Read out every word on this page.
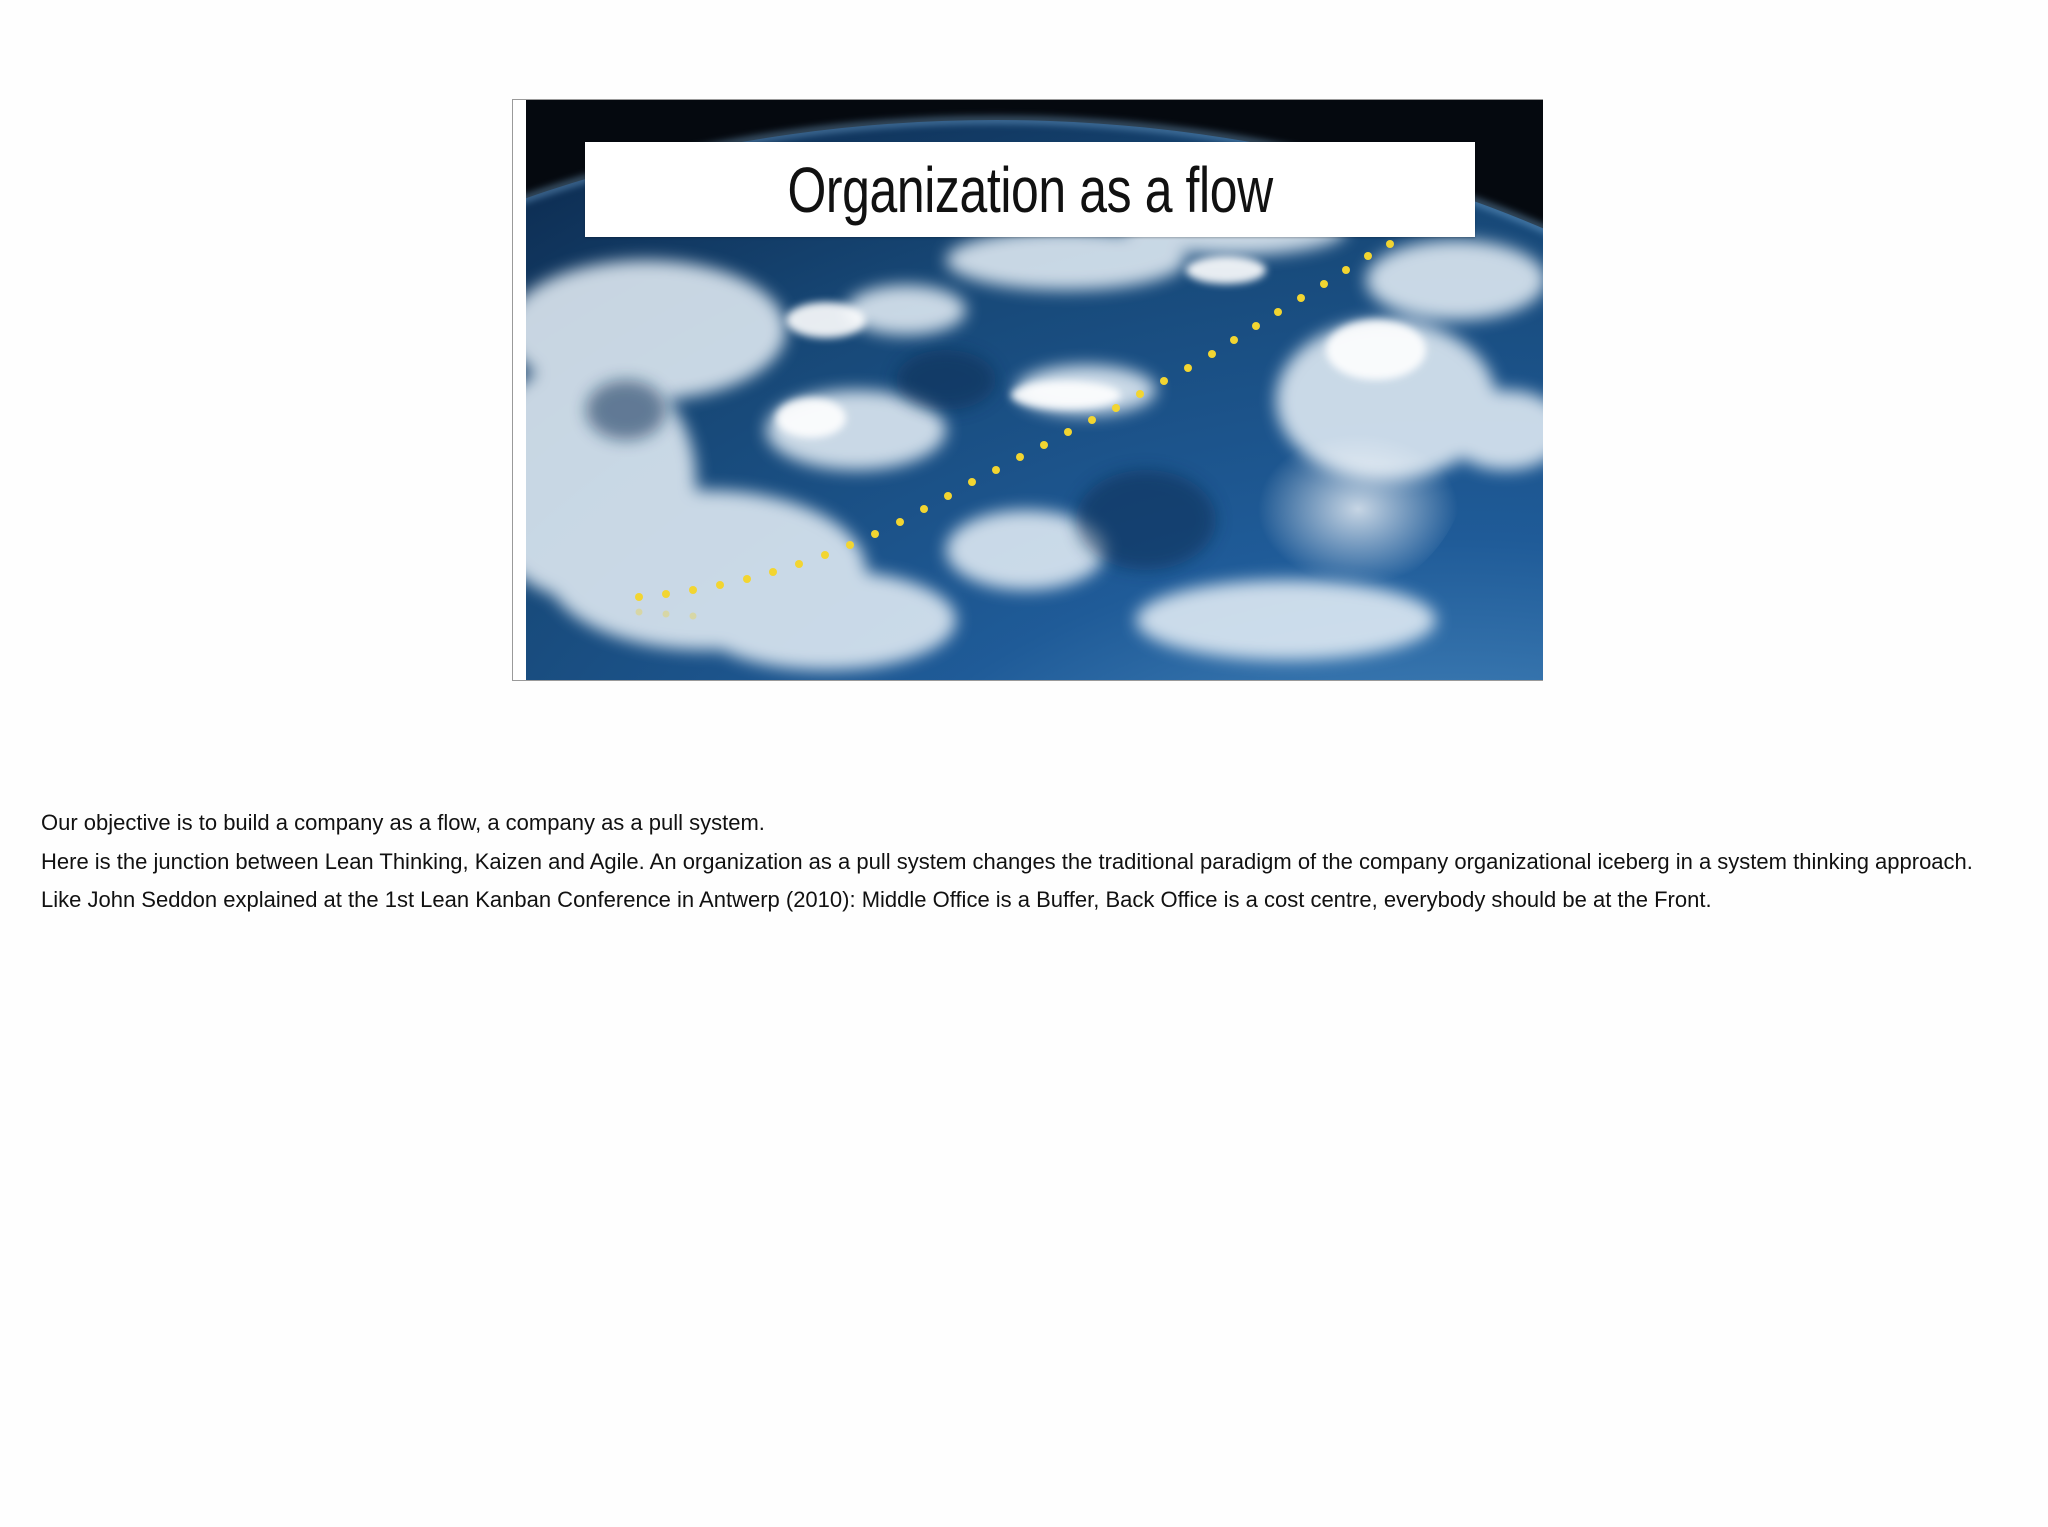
Organization as a flow

Our objective is to build a company as a flow, a company as a pull system.

Here is the junction between Lean Thinking, Kaizen and Agile. An organization as a pull system changes the traditional paradigm of the company organizational iceberg in a system thinking approach.

Like John Seddon explained at the 1st Lean Kanban Conference in Antwerp (2010): Middle Office is a Buffer, Back Office is a cost centre, everybody should be at the Front.
